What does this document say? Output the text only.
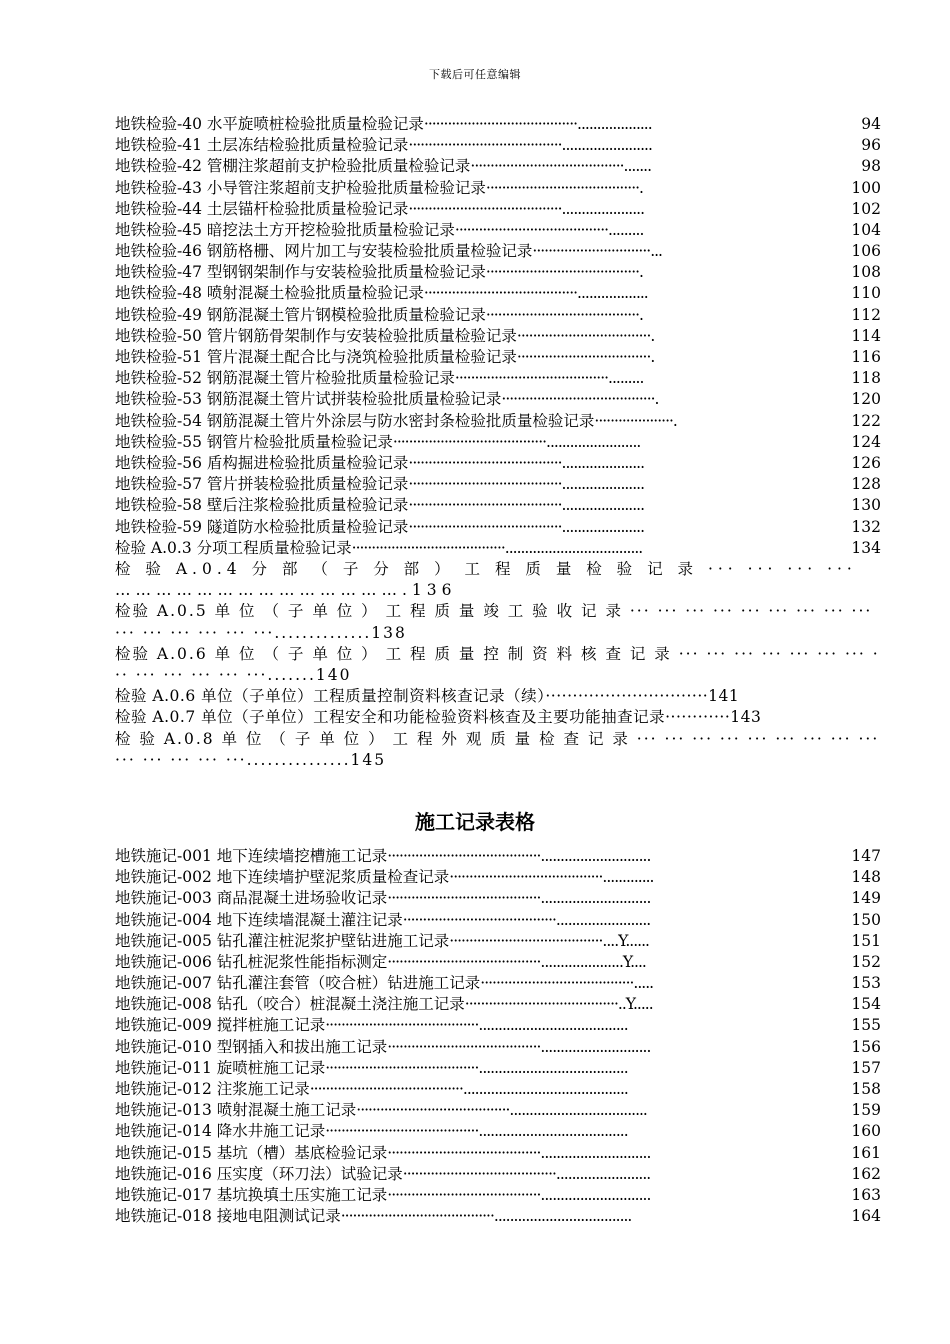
下载后可任意编辑
地铁检验-40 水平旋喷桩检验批质量检验记录 ·······································...................	94
地铁检验-41 土层冻结检验批质量检验记录 ·······································.......................	96
地铁检验-42 管棚注浆超前支护检验批质量检验记录 ·······································.......	98
地铁检验-43 小导管注浆超前支护检验批质量检验记录 ·······································.	100
地铁检验-44 土层锚杆检验批质量检验记录 ·······································.....................	102
地铁检验-45 暗挖法土方开挖检验批质量检验记录 ·······································.........	104
地铁检验-46 钢筋格栅、网片加工与安装检验批质量检验记录 ······························...	106
地铁检验-47 型钢钢架制作与安装检验批质量检验记录 ·······································.	108
地铁检验-48 喷射混凝土检验批质量检验记录 ·······································..................	110
地铁检验-49 钢筋混凝土管片钢模检验批质量检验记录 ·······································.	112
地铁检验-50 管片钢筋骨架制作与安装检验批质量检验记录 ··································.	114
地铁检验-51 管片混凝土配合比与浇筑检验批质量检验记录 ··································.	116
地铁检验-52 钢筋混凝土管片检验批质量检验记录 ·······································.........	118
地铁检验-53 钢筋混凝土管片试拼装检验批质量检验记录 ·······································.	120
地铁检验-54 钢筋混凝土管片外涂层与防水密封条检验批质量检验记录 ····················.	122
地铁检验-55 钢管片检验批质量检验记录 ·······································........................	124
地铁检验-56 盾构掘进检验批质量检验记录 ·······································.....................	126
地铁检验-57 管片拼装检验批质量检验记录 ·······································.....................	128
地铁检验-58 壁后注浆检验批质量检验记录 ·······································.....................	130
地铁检验-59 隧道防水检验批质量检验记录 ·······································.....................	132
检验 A.0.3 分项工程质量检验记录 ·······································...................................	134
检 验 A.0.4 分 部 （ 子 分 部 ） 工 程 质 量 检 验 记 录 ··· ··· ··· ··· …………………………………….136
检验 A.0.5 单 位 （ 子 单 位 ） 工 程 质 量 竣 工 验 收 记 录 ··· ··· ··· ··· ··· ··· ··· ··· ··· ··· ··· ··· ··· ··· ···..............138
检验 A.0.6 单 位 （ 子 单 位 ） 工 程 质 量 控 制 资 料 核 查 记 录 ··· ··· ··· ··· ··· ··· ··· ··· ··· ··· ··· ··· ···.......140
检验 A.0.6 单位（子单位）工程质量控制资料核查记录（续）······························141
检验 A.0.7 单位（子单位）工程安全和功能检验资料核查及主要功能抽查记录············143
检 验 A.0.8 单 位 （ 子 单 位 ） 工 程 外 观 质 量 检 查 记 录 ··· ··· ··· ··· ··· ··· ··· ··· ··· ··· ··· ··· ··· ···...............145
施工记录表格
地铁施记-001 地下连续墙挖槽施工记录 ·······································............................	147
地铁施记-002 地下连续墙护壁泥浆质量检查记录 ·······································.............	148
地铁施记-003 商品混凝土进场验收记录 ·······································............................	149
地铁施记-004 地下连续墙混凝土灌注记录 ·······································........................	150
地铁施记-005 钻孔灌注桩泥浆护壁钻进施工记录 ·······································....Y......	151
地铁施记-006 钻孔桩泥浆性能指标测定 ·······································.....................Y....	152
地铁施记-007 钻孔灌注套管（咬合桩）钻进施工记录 ·······································.....	153
地铁施记-008 钻孔（咬合）桩混凝土浇注施工记录 ·······································..Y.....	154
地铁施记-009 搅拌桩施工记录 ·······································......................................	155
地铁施记-010 型钢插入和拔出施工记录 ·······································............................	156
地铁施记-011 旋喷桩施工记录 ·······································......................................	157
地铁施记-012 注浆施工记录 ·······································..........................................	158
地铁施记-013 喷射混凝土施工记录 ·······································...................................	159
地铁施记-014 降水井施工记录 ·······································......................................	160
地铁施记-015 基坑（槽）基底检验记录 ·······································............................	161
地铁施记-016 压实度（环刀法）试验记录 ·······································........................	162
地铁施记-017 基坑换填土压实施工记录 ·······································............................	163
地铁施记-018 接地电阻测试记录 ·······································...................................	164
